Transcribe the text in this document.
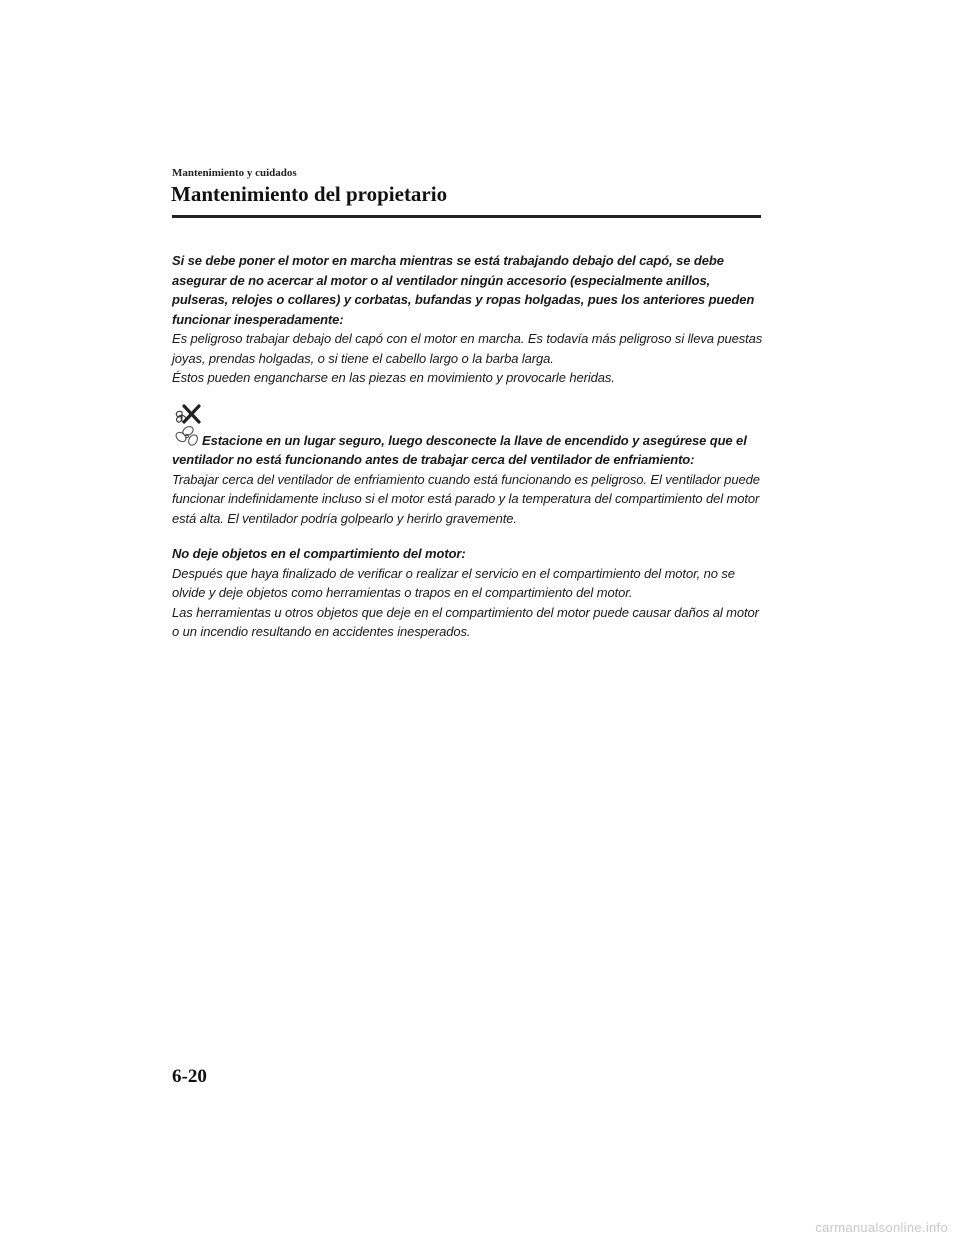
Mantenimiento y cuidados
Mantenimiento del propietario

Si se debe poner el motor en marcha mientras se está trabajando debajo del capó, se debe asegurar de no acercar al motor o al ventilador ningún accesorio (especialmente anillos, pulseras, relojes o collares) y corbatas, bufandas y ropas holgadas, pues los anteriores pueden funcionar inesperadamente:

Es peligroso trabajar debajo del capó con el motor en marcha. Es todavía más peligroso si lleva puestas joyas, prendas holgadas, o si tiene el cabello largo o la barba larga.

Éstos pueden engancharse en las piezas en movimiento y provocarle heridas.

Estacione en un lugar seguro, luego desconecte la llave de encendido y asegúrese que el ventilador no está funcionando antes de trabajar cerca del ventilador de enfriamiento:

Trabajar cerca del ventilador de enfriamiento cuando está funcionando es peligroso. El ventilador puede funcionar indefinidamente incluso si el motor está parado y la temperatura del compartimiento del motor está alta. El ventilador podría golpearlo y herirlo gravemente.

No deje objetos en el compartimiento del motor:

Después que haya finalizado de verificar o realizar el servicio en el compartimiento del motor, no se olvide y deje objetos como herramientas o trapos en el compartimiento del motor.

Las herramientas u otros objetos que deje en el compartimiento del motor puede causar daños al motor o un incendio resultando en accidentes inesperados.

6-20
carmanualsonline.info
